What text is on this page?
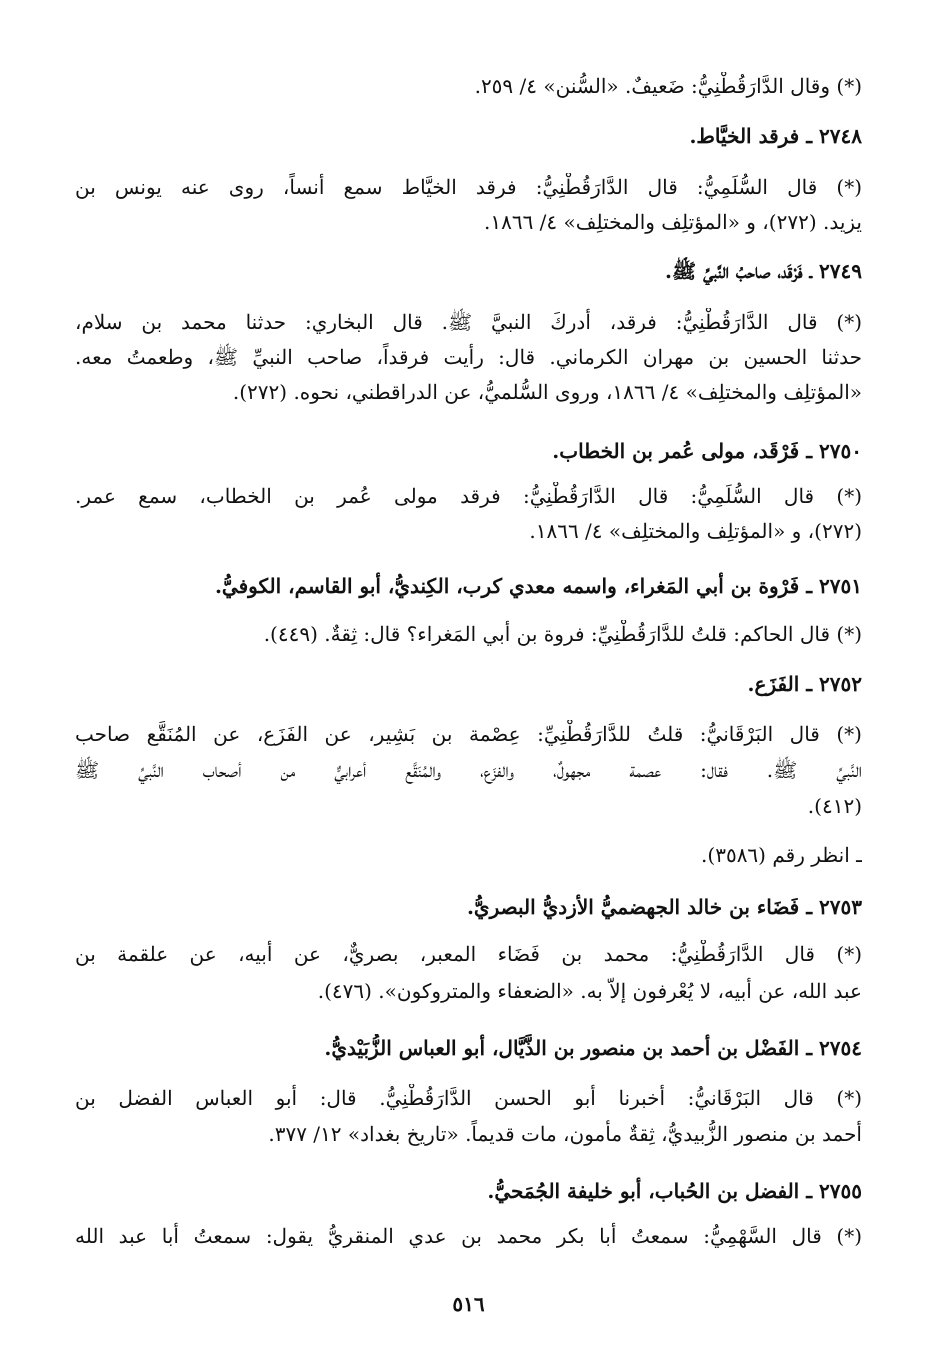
(*) وقال الدَّارَقُطْنِيُّ: ضَعيفٌ. «السُّنن» ٤/ ٢٥٩.

٢٧٤٨ ـ فرقد الخيَّاط.

(*) قال السُّلَمِيُّ: قال الدَّارَقُطْنِيُّ: فرقد الخيَّاط سمع أنساً، روى عنه يونس بن

يزيد. (٢٧٢)، و «المؤتلِف والمختلِف» ٤/ ١٨٦٦.

٢٧٤٩ ـ فَرْقَد، صاحبُ النَّبيِّ ﷺ.

(*) قال الدَّارَقُطْنِيُّ: فرقد، أدركَ النبيَّ ﷺ. قال البخاري: حدثنا محمد بن سلام،

حدثنا الحسين بن مهران الكرماني. قال: رأيت فرقداً، صاحب النبيِّ ﷺ، وطعمتُ معه.

«المؤتلِف والمختلِف» ٤/ ١٨٦٦، وروى السُّلميُّ، عن الدراقطني، نحوه. (٢٧٢).

٢٧٥٠ ـ فَرْقَد، مولى عُمر بن الخطاب.

(*) قال السُّلَمِيُّ: قال الدَّارَقُطْنِيُّ: فرقد مولى عُمر بن الخطاب، سمع عمر.

(٢٧٢)، و «المؤتلِف والمختلِف» ٤/ ١٨٦٦.

٢٧٥١ ـ فَرْوة بن أبي المَغراء، واسمه معدي كرب، الكِنديُّ، أبو القاسم، الكوفيُّ.

(*) قال الحاكم: قلتُ للدَّارَقُطْنِيِّ: فروة بن أبي المَغراء؟ قال: ثِقةٌ. (٤٤٩).

٢٧٥٢ ـ الفَزَع.

(*) قال البَرْقَانيُّ: قلتُ للدَّارَقُطْنِيِّ: عِصْمة بن بَشِير، عن الفَزَع، عن المُنَقَّع صاحب

النَّبيِّ ﷺ. فقال: عصمة مجهولٌ، والفزَع، والمُنَقَّع أعرابيٌّ من أصحاب النَّبيِّ ﷺ

(٤١٢).

ـ انظر رقم (٣٥٨٦).

٢٧٥٣ ـ فَضَاء بن خالد الجهضميُّ الأزديُّ البصريُّ.

(*) قال الدَّارَقُطْنِيُّ: محمد بن فَضَاء المعبر، بصريٌّ، عن أبيه، عن علقمة بن

عبد الله، عن أبيه، لا يُعْرفون إلاَّ به. «الضعفاء والمتروكون». (٤٧٦).

٢٧٥٤ ـ الفَضْل بن أحمد بن منصور بن الذَّيَّال، أبو العباس الزُّبَيْديُّ.

(*) قال البَرْقَانيُّ: أخبرنا أبو الحسن الدَّارَقُطْنِيُّ. قال: أبو العباس الفضل بن

أحمد بن منصور الزُّبيديُّ، ثِقةٌ مأمون، مات قديماً. «تاريخ بغداد» ١٢/ ٣٧٧.

٢٧٥٥ ـ الفضل بن الحُباب، أبو خليفة الجُمَحيُّ.

(*) قال السَّهْمِيُّ: سمعتُ أبا بكر محمد بن عدي المنقريُّ يقول: سمعتُ أبا عبد الله

٥١٦
